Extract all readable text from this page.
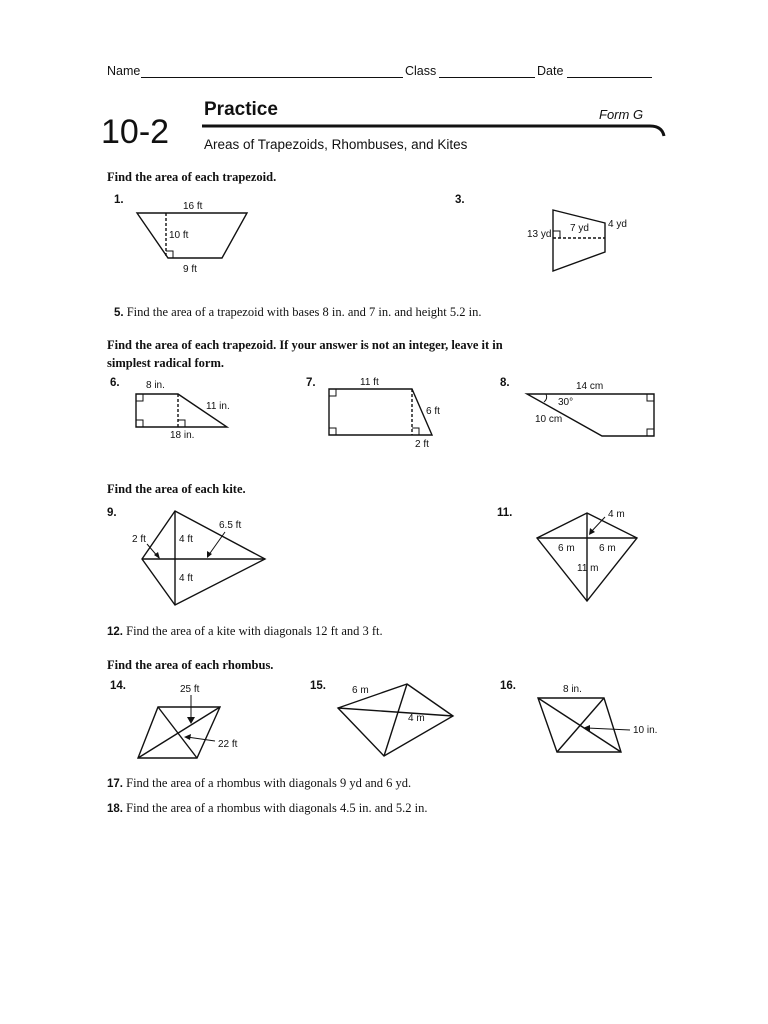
Name	Class	Date
10-2
Practice	Form G
Areas of Trapezoids, Rhombuses, and Kites
Find the area of each trapezoid.
1.
16 ft
10 ft
9 ft
3.
13 yd
7 yd 4 yd
5. Find the area of a trapezoid with bases 8 in. and 7 in. and height 5.2 in.
Find the area of each trapezoid. If your answer is not an integer, leave it in
simplest radical form.
6.	8 in.
11 in.
18 in.
7.	11 ft
6 ft
2 ft
8.	14 cm
30°
10 cm
Find the area of each kite.
9.
2 ft	4 ft
6.5 ft
4 ft
11.	4 m
6 m 6 m
11 m
12. Find the area of a kite with diagonals 12 ft and 3 ft.
Find the area of each rhombus.
14.	25 ft
22 ft
15.	6 m
4 m
16.	8 in.
10 in.
17. Find the area of a rhombus with diagonals 9 yd and 6 yd.
18. Find the area of a rhombus with diagonals 4.5 in. and 5.2 in.
